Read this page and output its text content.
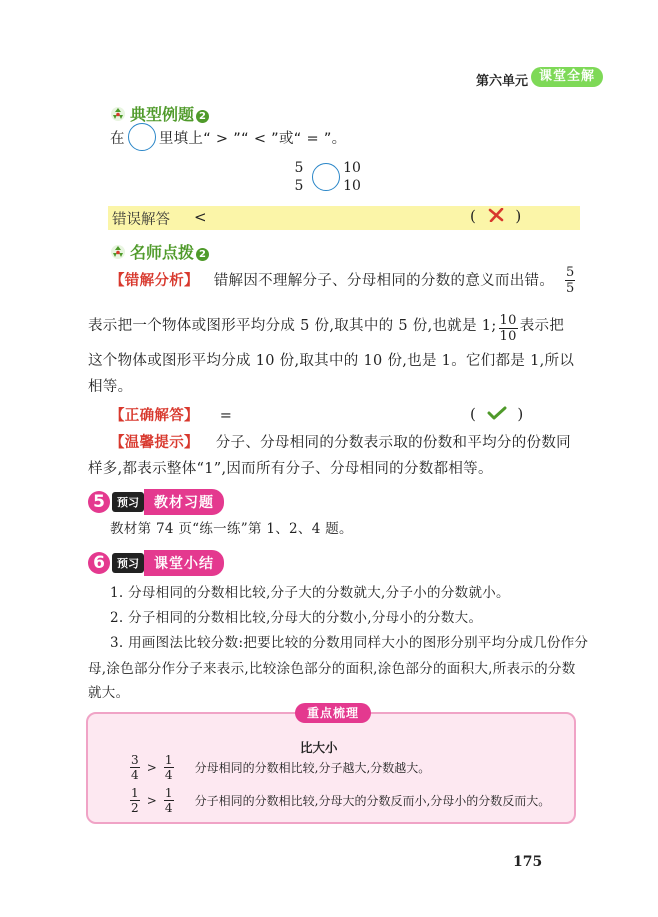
第六单元 课堂全解
典型例题 2
在 里填上“ > ”“ < ”或“ = ”。
5
5
10
10
错误解答 <	(	)
名师点拨 2
【错解分析】 错解因不理解分子、分母相同的分数的意义而出错。 $\frac{5}{5}$
表示把一个物体或图形平均分成 5 份,取其中的 5 份,也就是 1; $\frac{10}{10}$ 表示把
这个物体或图形平均分成 10 份,取其中的 10 份,也是 1。它们都是 1,所以
相等。
【正确解答】 =	(	)
【温馨提示】 分子、分母相同的分数表示取的份数和平均分的份数同
样多,都表示整体“1”,因而所有分子、分母相同的分数都相等。
5 预习 教材习题
教材第 74 页“练一练”第 1、2、4 题。
6 预习 课堂小结
1. 分母相同的分数相比较,分子大的分数就大,分子小的分数就小。
2. 分子相同的分数相比较,分母大的分数小,分母小的分数大。
3. 用画图法比较分数:把要比较的分数用同样大小的图形分别平均分成几份作分
母,涂色部分作分子来表示,比较涂色部分的面积,涂色部分的面积大,所表示的分数
就大。
重点梳理
比大小
$\frac{3}{4} > \frac{1}{4}$ 分母相同的分数相比较,分子越大,分数越大。
$\frac{1}{2} > \frac{1}{4}$ 分子相同的分数相比较,分母大的分数反而小,分母小的分数反而大。
175
